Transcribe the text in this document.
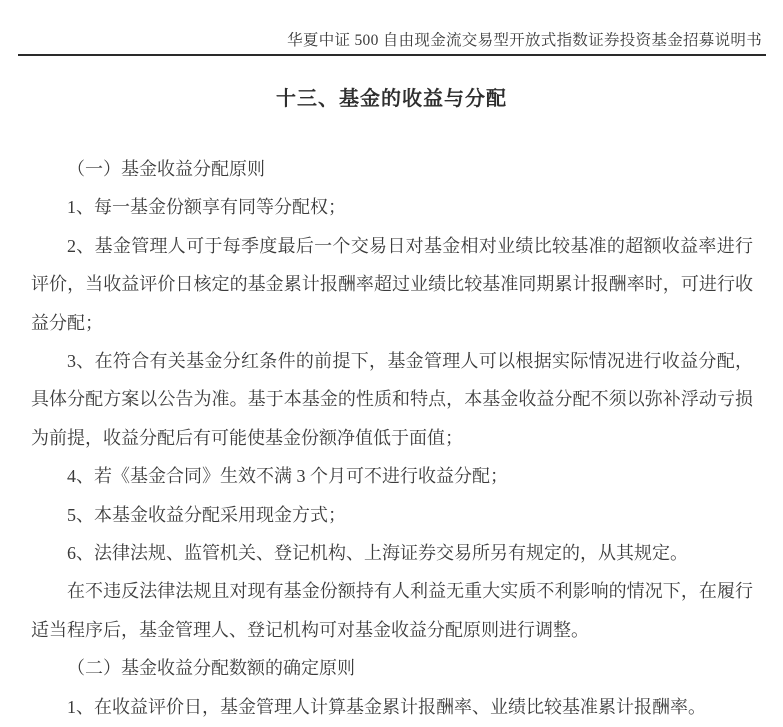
华夏中证 500 自由现金流交易型开放式指数证券投资基金招募说明书
十三、基金的收益与分配

（一）基金收益分配原则

1、每一基金份额享有同等分配权；

2、基金管理人可于每季度最后一个交易日对基金相对业绩比较基准的超额收益率进行评价，当收益评价日核定的基金累计报酬率超过业绩比较基准同期累计报酬率时，可进行收益分配；

3、在符合有关基金分红条件的前提下，基金管理人可以根据实际情况进行收益分配，具体分配方案以公告为准。基于本基金的性质和特点，本基金收益分配不须以弥补浮动亏损为前提，收益分配后有可能使基金份额净值低于面值；

4、若《基金合同》生效不满 3 个月可不进行收益分配；

5、本基金收益分配采用现金方式；

6、法律法规、监管机关、登记机构、上海证券交易所另有规定的，从其规定。

在不违反法律法规且对现有基金份额持有人利益无重大实质不利影响的情况下，在履行适当程序后，基金管理人、登记机构可对基金收益分配原则进行调整。

（二）基金收益分配数额的确定原则

1、在收益评价日，基金管理人计算基金累计报酬率、业绩比较基准累计报酬率。
